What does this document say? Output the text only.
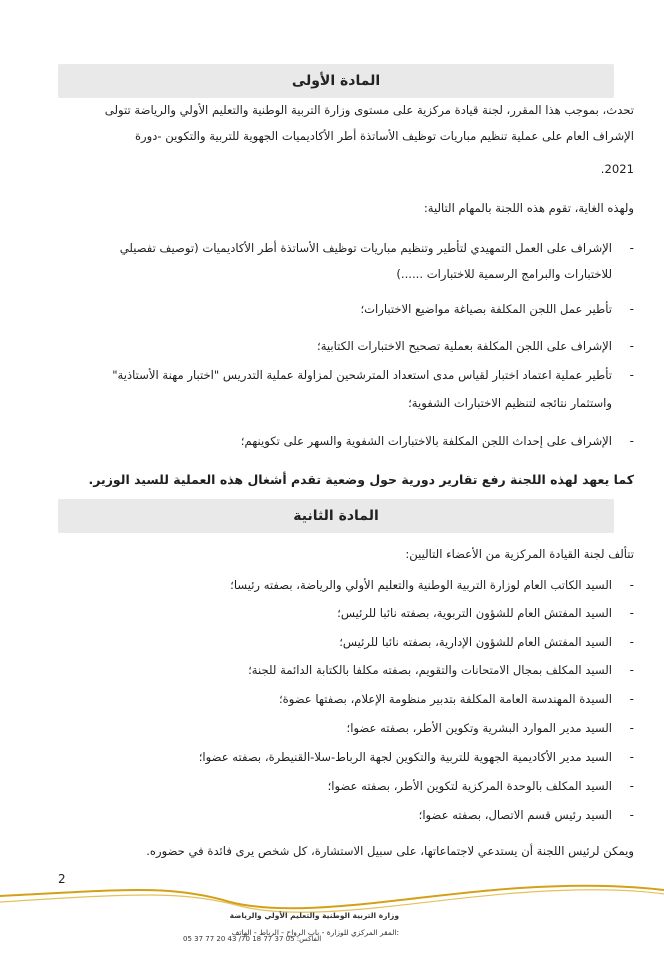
المادة الأولى
تحدث، بموجب هذا المقرر، لجنة قيادة مركزية على مستوى وزارة التربية الوطنية والتعليم الأولي والرياضة تتولى
الإشراف العام على عملية تنظيم مباريات توظيف الأساتذة أطر الأكاديميات الجهوية للتربية والتكوين -دورة
2021.
ولهذه الغاية، تقوم هذه اللجنة بالمهام التالية:
-
الإشراف على العمل التمهيدي لتأطير وتنظيم مباريات توظيف الأساتذة أطر الأكاديميات (توصيف تفصيلي
للاختبارات والبرامج الرسمية للاختبارات ......)
-
تأطير عمل اللجن المكلفة بصياغة مواضيع الاختبارات؛
-
الإشراف على اللجن المكلفة بعملية تصحيح الاختبارات الكتابية؛
-
تأطير عملية اعتماد اختبار لقياس مدى استعداد المترشحين لمزاولة عملية التدريس "اختبار مهنة الأستاذية"
واستثمار نتائجه لتنظيم الاختبارات الشفوية؛
-
الإشراف على إحداث اللجن المكلفة بالاختبارات الشفوية والسهر على تكوينهم؛
كما يعهد لهذه اللجنة رفع تقارير دورية حول وضعية تقدم أشغال هذه العملية للسيد الوزير.
المادة الثانية
تتألف لجنة القيادة المركزية من الأعضاء التاليين:
-
السيد الكاتب العام لوزارة التربية الوطنية والتعليم الأولي والرياضة، بصفته رئيسا؛
-
السيد المفتش العام للشؤون التربوية، بصفته نائبا للرئيس؛
-
السيد المفتش العام للشؤون الإدارية، بصفته نائبا للرئيس؛
-
السيد المكلف بمجال الامتحانات والتقويم، بصفته مكلفا بالكتابة الدائمة للجنة؛
-
السيدة المهندسة العامة المكلفة بتدبير منظومة الإعلام، بصفتها عضوة؛
-
السيد مدير الموارد البشرية وتكوين الأطر، بصفته عضوا؛
-
السيد مدير الأكاديمية الجهوية للتربية والتكوين لجهة الرباط-سلا-القنيطرة، بصفته عضوا؛
-
السيد المكلف بالوحدة المركزية لتكوين الأطر، بصفته عضوا؛
-
السيد رئيس قسم الاتصال، بصفته عضوا؛
ويمكن لرئيس اللجنة أن يستدعي لاجتماعاتها، على سبيل الاستشارة، كل شخص يرى فائدة في حضوره.
2
وزارة التربية الوطنية والتعليم الأولي والرياضة
المقر المركزي للوزارة - باب الرواح - الرباط - الهاتف:
05 37 77 20 43 /الفاكس: 05 37 77 18 70
